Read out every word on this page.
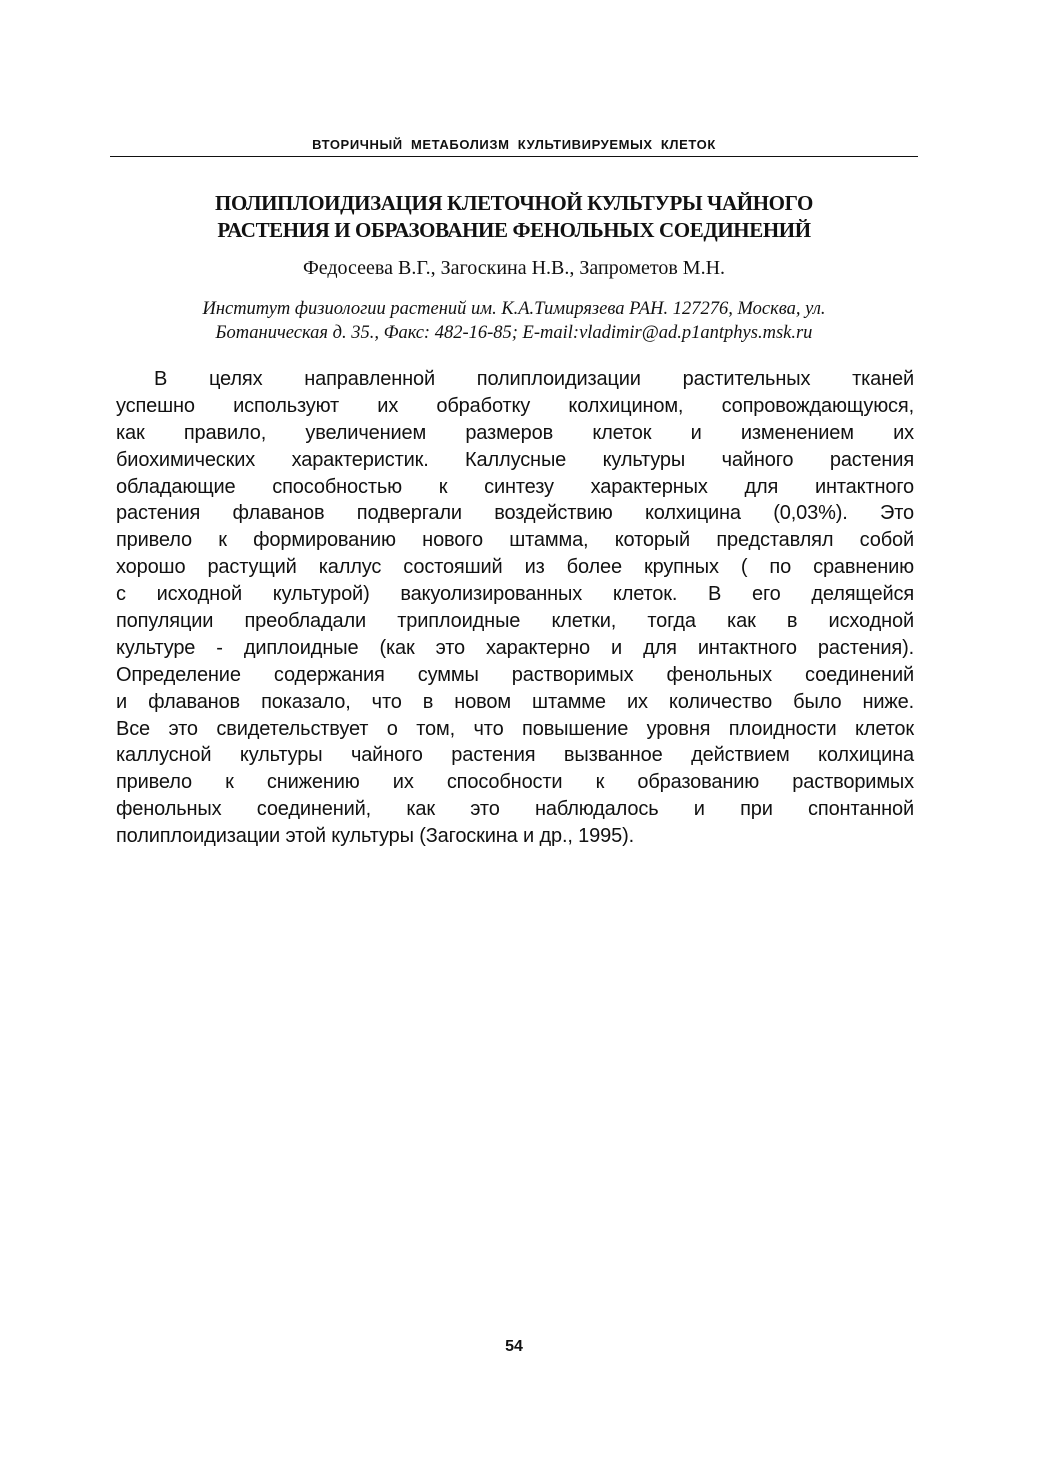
ВТОРИЧНЫЙ МЕТАБОЛИЗМ КУЛЬТИВИРУЕМЫХ КЛЕТОК
ПОЛИПЛОИДИЗАЦИЯ КЛЕТОЧНОЙ КУЛЬТУРЫ ЧАЙНОГО
РАСТЕНИЯ И ОБРАЗОВАНИЕ ФЕНОЛЬНЫХ СОЕДИНЕНИЙ
Федосеева В.Г., Загоскина Н.В., Запрометов М.Н.
Институт физиологии растений им. К.А.Тимирязева РАН. 127276, Москва, ул.
Ботаническая д. 35., Факс: 482-16-85; E-mail:vladimir@ad.p1antphys.msk.ru
В целях направленной полиплоидизации растительных тканей
успешно используют их обработку колхицином, сопровождающуюся,
как правило, увеличением размеров клеток и изменением их
биохимических характеристик. Каллусные культуры чайного растения
обладающие способностью к синтезу характерных для интактного
растения флаванов подвергали воздействию колхицина (0,03%). Это
привело к формированию нового штамма, который представлял собой
хорошо растущий каллус состояший из более крупных ( по сравнению
с исходной культурой) вакуолизированных клеток. В его делящейся
популяции преобладали триплоидные клетки, тогда как в исходной
культуре - диплоидные (как это характерно и для интактного растения).
Определение содержания суммы растворимых фенольных соединений
и флаванов показало, что в новом штамме их количество было ниже.
Все это свидетельствует о том, что повышение уровня плоидности клеток
каллусной культуры чайного растения вызванное действием колхицина
привело к снижению их способности к образованию растворимых
фенольных соединений, как это наблюдалось и при спонтанной
полиплоидизации этой культуры (Загоскина и др., 1995).
54
